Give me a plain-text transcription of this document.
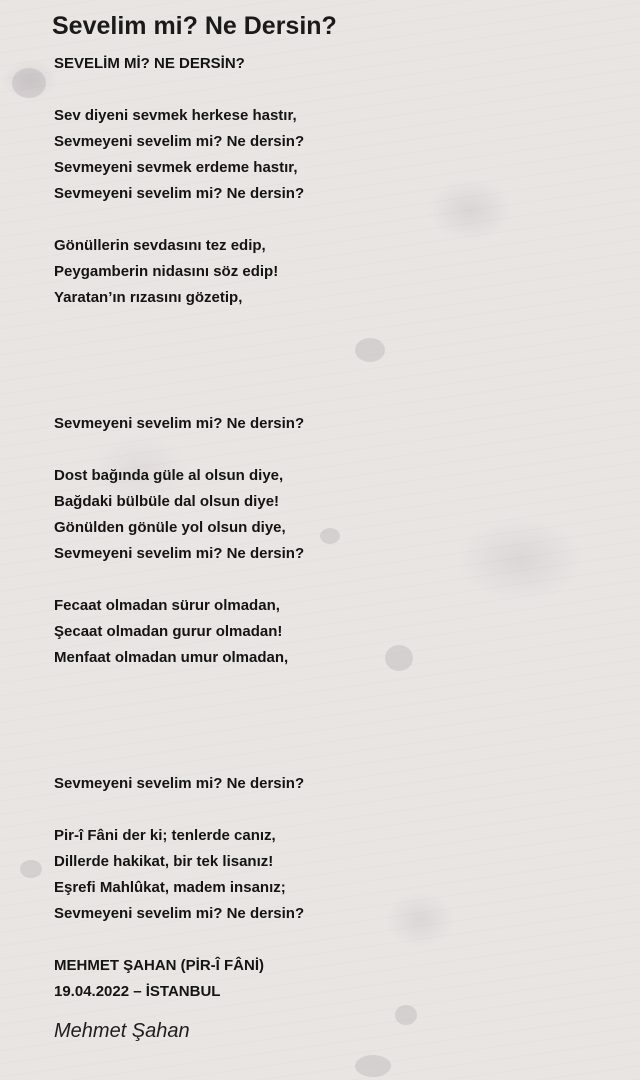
Sevelim mi? Ne Dersin?
SEVELİM Mİ? NE DERSİN?
Sev diyeni sevmek herkese hastır,
Sevmeyeni sevelim mi? Ne dersin?
Sevmeyeni sevmek erdeme hastır,
Sevmeyeni sevelim mi? Ne dersin?
Gönüllerin sevdasını tez edip,
Peygamberin nidasını söz edip!
Yaratan’ın rızasını gözetip,
Sevmeyeni sevelim mi? Ne dersin?
Dost bağında güle al olsun diye,
Bağdaki bülbüle dal olsun diye!
Gönülden gönüle yol olsun diye,
Sevmeyeni sevelim mi? Ne dersin?
Fecaat olmadan sürur olmadan,
Şecaat olmadan gurur olmadan!
Menfaat olmadan umur olmadan,
Sevmeyeni sevelim mi? Ne dersin?
Pir-î Fâni der ki; tenlerde canız,
Dillerde hakikat, bir tek lisanız!
Eşrefi Mahlûkat, madem insanız;
Sevmeyeni sevelim mi? Ne dersin?
MEHMET ŞAHAN (PİR-Î FÂNİ)
19.04.2022 – İSTANBUL
Mehmet Şahan
